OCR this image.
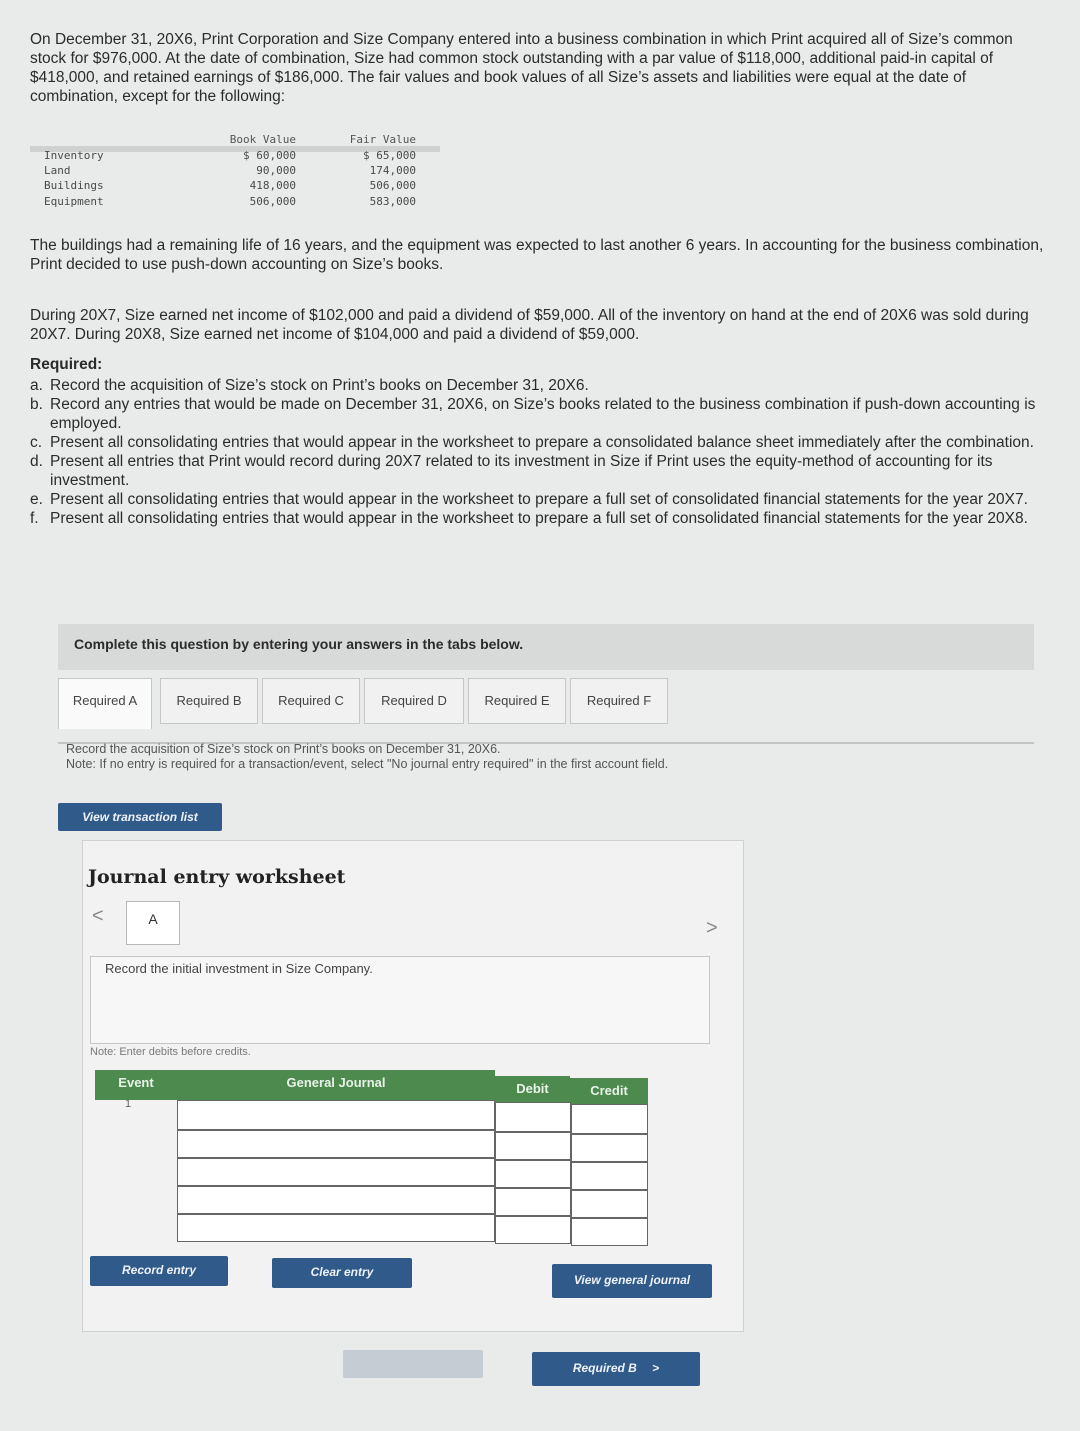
On December 31, 20X6, Print Corporation and Size Company entered into a business combination in which Print acquired all of Size’s common stock for $976,000. At the date of combination, Size had common stock outstanding with a par value of $118,000, additional paid-in capital of $418,000, and retained earnings of $186,000. The fair values and book values of all Size’s assets and liabilities were equal at the date of combination, except for the following:
Book Value	Fair Value
Inventory	$ 60,000	$ 65,000
Land	90,000	174,000
Buildings	418,000	506,000
Equipment	506,000	583,000
The buildings had a remaining life of 16 years, and the equipment was expected to last another 6 years. In accounting for the business combination, Print decided to use push-down accounting on Size’s books.
During 20X7, Size earned net income of $102,000 and paid a dividend of $59,000. All of the inventory on hand at the end of 20X6 was sold during 20X7. During 20X8, Size earned net income of $104,000 and paid a dividend of $59,000.
Required:
a. Record the acquisition of Size’s stock on Print’s books on December 31, 20X6.
b. Record any entries that would be made on December 31, 20X6, on Size’s books related to the business combination if push-down accounting is employed.
c. Present all consolidating entries that would appear in the worksheet to prepare a consolidated balance sheet immediately after the combination.
d. Present all entries that Print would record during 20X7 related to its investment in Size if Print uses the equity-method of accounting for its investment.
e. Present all consolidating entries that would appear in the worksheet to prepare a full set of consolidated financial statements for the year 20X7.
f. Present all consolidating entries that would appear in the worksheet to prepare a full set of consolidated financial statements for the year 20X8.
Complete this question by entering your answers in the tabs below.
Required A	Required B	Required C	Required D	Required E	Required F
Record the acquisition of Size’s stock on Print’s books on December 31, 20X6.
Note: If no entry is required for a transaction/event, select "No journal entry required" in the first account field.
View transaction list
Journal entry worksheet
<	A	>
Record the initial investment in Size Company.
Note: Enter debits before credits.
Event	General Journal	Debit	Credit
1
Record entry	Clear entry
View general journal
Required B >
